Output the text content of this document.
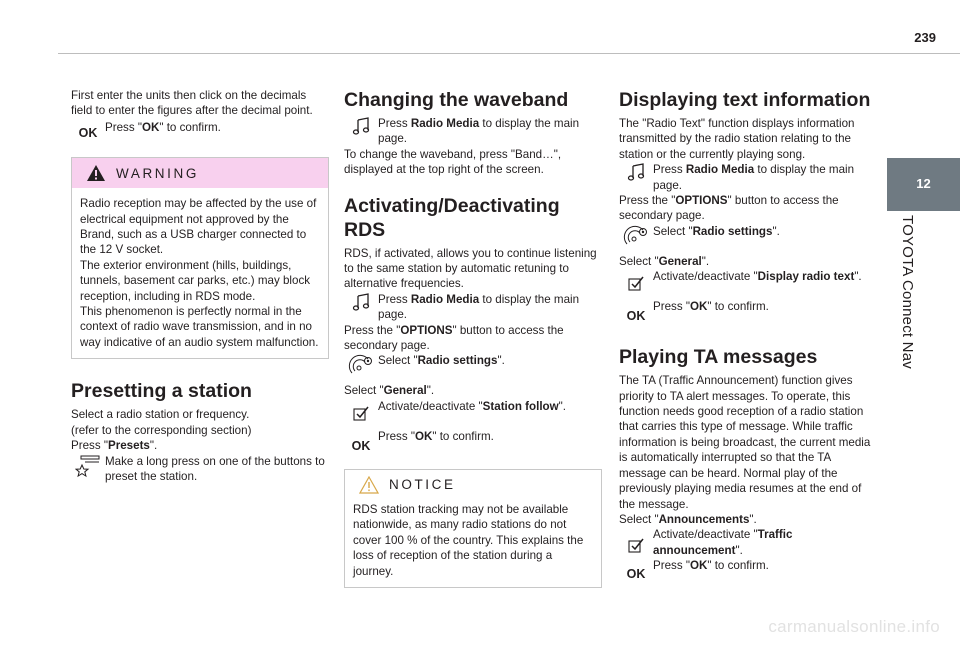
239
12
TOYOTA Connect Nav

First enter the units then click on the decimals field to enter the figures after the decimal point.

OK Press "OK" to confirm.

WARNING

Radio reception may be affected by the use of electrical equipment not approved by the Brand, such as a USB charger connected to the 12 V socket.

The exterior environment (hills, buildings, tunnels, basement car parks, etc.) may block reception, including in RDS mode.

This phenomenon is perfectly normal in the context of radio wave transmission, and in no way indicative of an audio system malfunction.

Presetting a station

Select a radio station or frequency.

(refer to the corresponding section)

Press "Presets".

Make a long press on one of the buttons to preset the station.

Changing the waveband

Press Radio Media to display the main page.

To change the waveband, press "Band…", displayed at the top right of the screen.

Activating/Deactivating RDS

RDS, if activated, allows you to continue listening to the same station by automatic retuning to alternative frequencies.

Press Radio Media to display the main page.

Press the "OPTIONS" button to access the secondary page.

Select "Radio settings".

Select "General".

Activate/deactivate "Station follow".

OK

Press "OK" to confirm.

NOTICE

RDS station tracking may not be available nationwide, as many radio stations do not cover 100 % of the country. This explains the loss of reception of the station during a journey.

Displaying text information

The "Radio Text" function displays information transmitted by the radio station relating to the station or the currently playing song.

Press Radio Media to display the main page.

Press the "OPTIONS" button to access the secondary page.

Select "Radio settings".

Select "General".

Activate/deactivate "Display radio text".

OK

Press "OK" to confirm.

Playing TA messages

The TA (Traffic Announcement) function gives priority to TA alert messages. To operate, this function needs good reception of a radio station that carries this type of message. While traffic information is being broadcast, the current media is automatically interrupted so that the TA message can be heard. Normal play of the previously playing media resumes at the end of the message.

Select "Announcements".

Activate/deactivate "Traffic announcement".

OK

Press "OK" to confirm.

carmanualsonline.info
